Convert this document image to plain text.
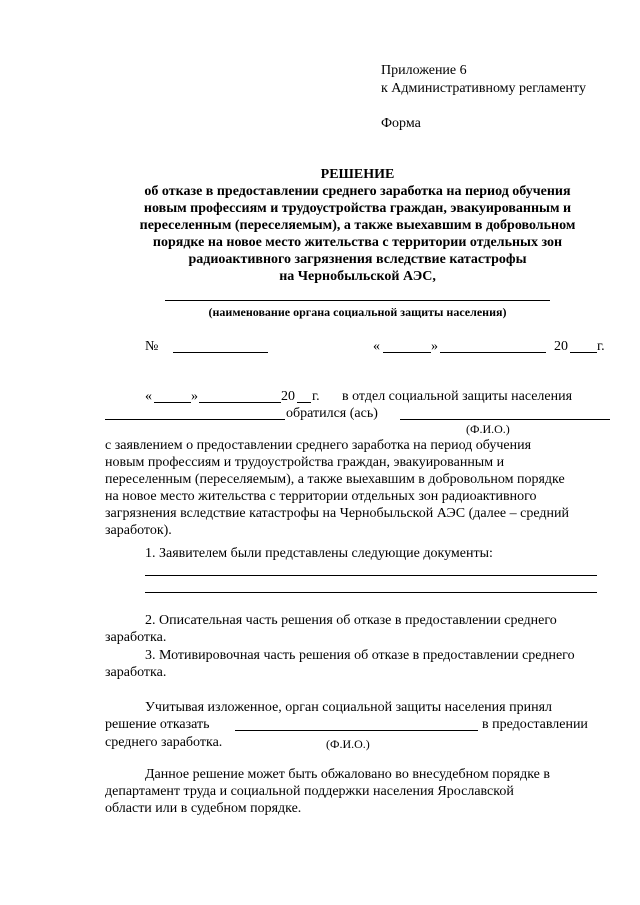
Приложение 6
к Административному регламенту
Форма
РЕШЕНИЕ
об отказе в предоставлении среднего заработка на период обучения
новым профессиям и трудоустройства граждан, эвакуированным и
переселенным (переселяемым), а также выехавшим в добровольном
порядке на новое место жительства с территории отдельных зон
радиоактивного загрязнения вследствие катастрофы
на Чернобыльской АЭС,
(наименование органа социальной защиты населения)
№	«	»	20 г.
«	»	20 г. в отдел социальной защиты населения
обратился (ась)
(Ф.И.О.)
с заявлением о предоставлении среднего заработка на период обучения
новым профессиям и трудоустройства граждан, эвакуированным и
переселенным (переселяемым), а также выехавшим в добровольном порядке
на новое место жительства с территории отдельных зон радиоактивного
загрязнения вследствие катастрофы на Чернобыльской АЭС (далее – средний
заработок).
1. Заявителем были представлены следующие документы:
2. Описательная часть решения об отказе в предоставлении среднего
заработка.
3. Мотивировочная часть решения об отказе в предоставлении среднего
заработка.
Учитывая изложенное, орган социальной защиты населения принял
решение отказать	в предоставлении
среднего заработка.	(Ф.И.О.)
Данное решение может быть обжаловано во внесудебном порядке в
департамент труда и социальной поддержки населения Ярославской
области или в судебном порядке.
